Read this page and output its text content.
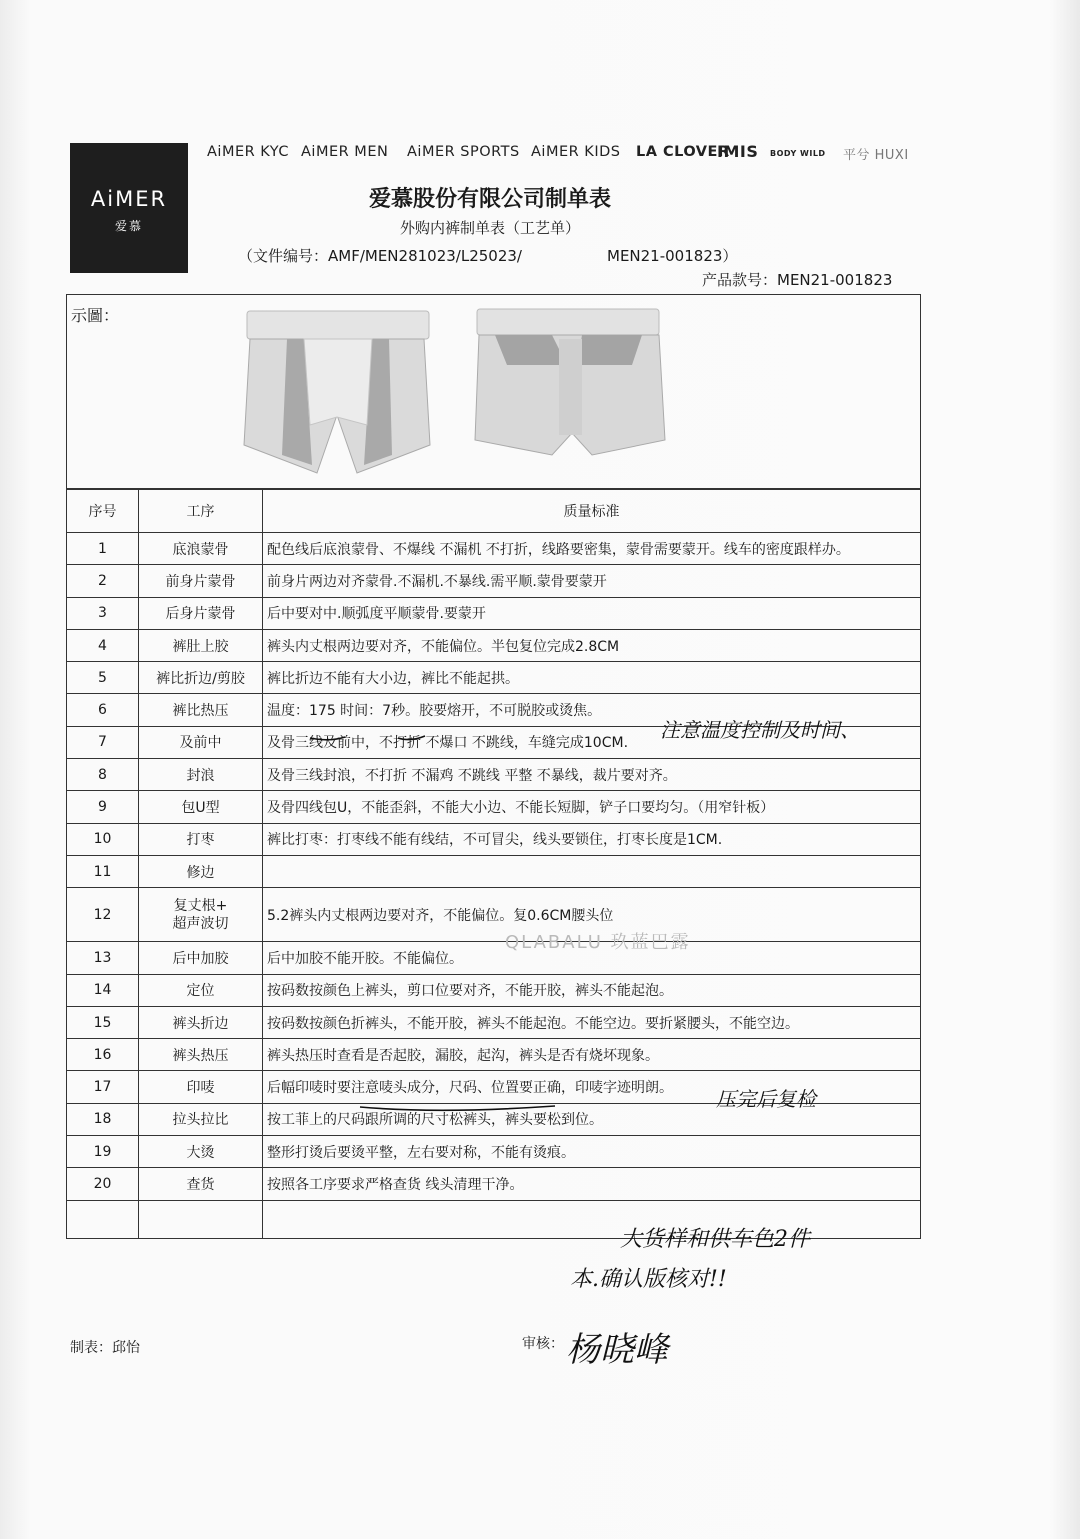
AiMER
爱慕
AiMER KYC AiMER MEN AiMER SPORTS AiMER KIDS LA CLOVER
IMIS BODY WILD 平兮 HUXI
爱慕股份有限公司制单表
外购内裤制单表（工艺单）
（文件编号：AMF/MEN281023/L25023/	MEN21-001823）
产品款号：MEN21-001823
示圖：
序号	工序	质量标准
1	底浪蒙骨	配色线后底浪蒙骨、不爆线 不漏机 不打折，线路要密集，蒙骨需要蒙开。线车的密度跟样办。
2	前身片蒙骨	前身片两边对齐蒙骨.不漏机.不暴线.需平顺.蒙骨要蒙开
3	后身片蒙骨	后中要对中.顺弧度平顺蒙骨.要蒙开
4	裤肚上胶	裤头内丈根两边要对齐，不能偏位。半包复位完成2.8CM
5	裤比折边/剪胶	裤比折边不能有大小边，裤比不能起拱。
6	裤比热压	温度：175 时间：7秒。胶要熔开，不可脱胶或烫焦。
7	及前中	及骨三线及前中，不打折 不爆口 不跳线，车缝完成10CM.
8	封浪	及骨三线封浪，不打折 不漏鸡 不跳线 平整 不暴线，裁片要对齐。
9	包U型	及骨四线包U，不能歪斜，不能大小边、不能长短脚，铲子口要均匀。（用窄针板）
10	打枣	裤比打枣：打枣线不能有线结，不可冒尖，线头要锁住，打枣长度是1CM.
11	修边	
12	复丈根+
超声波切	5.2裤头内丈根两边要对齐，不能偏位。复0.6CM腰头位
13	后中加胶	后中加胶不能开胶。不能偏位。
14	定位	按码数按颜色上裤头，剪口位要对齐，不能开胶，裤头不能起泡。
15	裤头折边	按码数按颜色折裤头，不能开胶，裤头不能起泡。不能空边。要折紧腰头，不能空边。
16	裤头热压	裤头热压时查看是否起胶，漏胶，起沟，裤头是否有烧坏现象。
17	印唛	后幅印唛时要注意唛头成分，尺码、位置要正确，印唛字迹明朗。
18	拉头拉比	按工菲上的尺码跟所调的尺寸松裤头，裤头要松到位。
19	大烫	整形打烫后要烫平整，左右要对称，不能有烫痕。
20	查货	按照各工序要求严格查货 线头清理干净。

QLABALU 玖蓝巴露
注意温度控制及时间、
压完后复检
大货样和供车色2件
本.确认版核对!!
制表：邱怡	审核： 杨晓峰
